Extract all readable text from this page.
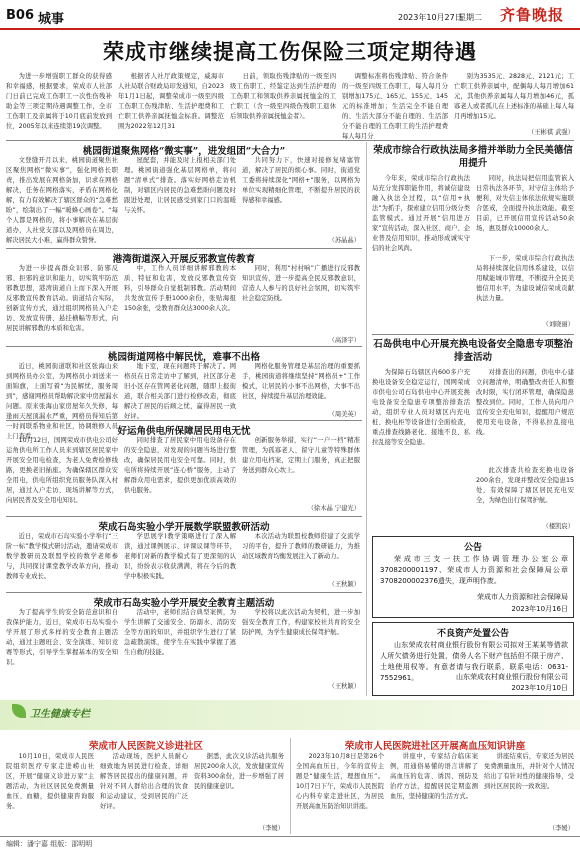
B06 城事	2023年10月27日
星期二 齐鲁晚报
荣成市继续提高工伤保险三项定期待遇

为进一步增强职工群众的获得感和幸福感，根据要求，荣成市人社部门日前已完成工伤职工一次性伤残补助金等三项定期待遇调整工作，全市工伤职工及亲属将于10月底前发放到位，2005年以来连续第19次调整。

根据省人社厅政策规定，威海市人社局联合财政局印发通知，自2023年1月1日起，调整荣成市一级至四级工伤职工伤残津贴、生活护理费和工亡职工供养亲属抚恤金标准。调整范围为2022年12月31

日前，领取伤残津贴的一级至四级工伤职工、经鉴定达到生活护理的工伤职工和领取供养亲属抚恤金的工亡职工（含一级至四级伤残职工退休后领取供养亲属抚恤金者）。

调整标准将伤残津贴、符合条件的一级至四级工伤职工，每人每月分别增加175元、165元、155元、145元的标准增加；生活完全不能自理的、生活大部分不能自理的、生活部分不能自理的工伤职工的生活护理费每人每月分

别为3535元、2828元、2121元；工亡职工供养亲属中，配偶每人每月增加61元，其他供养亲属每人每月增加46元，孤寡老人或者孤儿在上述标准的基础上每人每月再增加15元。

（王彬祺 武强）
桃园街道聚焦网格“微实事”，进发组团“大合力”

文登缝开月以来，桃园街道聚焦社区聚焦网格“微实事”，强化网格长职责，推出发展在网格备加，识求在网格解决，任务在网格落实，矛盾在网格化解，有力有效解决了辖区群众的“急难愁盼”，绘制出了一幅“暖蜂心画卷”。“每个人都是网格的，将小事解决在基层街道办，人社党支部以及网格员在周边，解决居民大小难，赢得群众赞誉。

屋配套，并能及时上报相关部门处理。桃园街道强化基层网格单，将问题“清单式”排查。落实好网格走访机制，对辖区内居民的急难愁盼问题及时跟进处理，让居民感受到家门口的温暖与关怀。

共同努力下，快速对接修复堵塞管道，解决了居民的烦心事。同时，街道党工委将持续深化“网格+”服务，以网格为单位实现精细化管理，不断提升居民的获得感和幸福感。

（苏晶晶）
港湾街道深入开展反邪教宣传教育

为进一步提高群众识邪、防邪反邪、拒邪的意识和能力，切实筑牢防范邪教思想，港湾街道自上而下深入开展反邪教宣传教育活动。街道结合实际，创新宣传方式，通过组织网格员入户走访、发放宣传册、悬挂横幅等形式，向居民讲解邪教的本质和危害。

中，工作人员详细讲解邪教的本质、特征和危害，发放反邪教宣传资料，引导群众自觉抵制邪教。活动期间共发放宣传手册1000余份，张贴海报150余张，受教育群众达3000余人次。

同时，利用“村村响”广播进行反邪教知识宣传，进一步提高全民反邪教意识，营造人人参与的良好社会氛围，切实筑牢社会稳定防线。

（高泽宇）
桃园街道网格中解民忧，难事不出格

近日，桃园街道联和社区张海山来到网格员办公室，为网格员小刘送来一面锦旗，上面写着“为民解忧，服务周到”，感谢网格员帮助解决家中房屋漏水问题。原来张海山家房屋年久失修，每逢雨天屋顶漏水严重，网格员得知后第一时间联系物业和社区，协调维修人员上门查看。

地下室，现在问题终于解决了。网格员在日常走访中了解到，社区部分老旧小区存在管网老化问题，随即上报街道，联合相关部门进行检修改造，彻底解决了居民的后顾之忧，赢得居民一致好评。

网格化服务管理是基层治理的重要抓手，桃园街道将继续坚持“网格员+”工作模式，让居民的小事不出网格，大事不出社区，持续提升基层治理效能。

（周美英）
好运角供电所保障居民用电无忧

10月12日，国网荣成市供电公司好运角供电所工作人员来到辖区居民家中开展安全用电检查，为老人免费检修线路，更换老旧插座。为确保辖区群众安全用电，供电所组织党员服务队深入村居，通过入户走访、现场讲解等方式，向居民普及安全用电知识。

同时排查了居民家中用电设备存在的安全隐患，对发现的问题当场进行整改，确保居民用电安全可靠。同时，供电所将持续开展“连心桥”服务，主动了解群众用电需求，提供更加优质高效的供电服务。

创新服务举措，实行“一户一档”精准管理，为孤寡老人、留守儿童等特殊群体建立用电档案，定期上门服务，真正把服务送到群众心坎上。

（徐木晶 宁建光）
荣成石岛实验小学开展数学联盟教研活动

近日，荣成市石岛实验小学举行“三阶一标”教学模式研讨活动，邀请荣成市数学教研员及联盟学校的数学老师参与，共同探讨课堂教学改革方向，推动教师专业成长。

学思展学)教学策略进行了深入解读，通过课例展示、评课议课等环节，老师们对新的教学模式有了更深刻的认识，纷纷表示收获满满，将在今后的教学中积极实践。

本次活动为联盟校教师搭建了交流学习的平台，提升了教师的教研能力，为推动区域教育均衡发展注入了新动力。

（王秋颖）
荣成市石岛实验小学开展安全教育主题活动

为了提高学生的安全防范意识和自我保护能力，近日，荣成市石岛实验小学开展了形式多样的安全教育主题活动，通过主题班会、安全演练、知识竞赛等形式，引导学生掌握基本的安全知识。

活动中，老师们结合典型案例，为学生讲解了交通安全、防溺水、消防安全等方面的知识，并组织学生进行了紧急疏散演练，使学生在实践中掌握了逃生自救的技能。

学校将以此次活动为契机，进一步加强安全教育工作，构建家校社共育的安全防护网，为学生健康成长保驾护航。

（王秋颖）
荣成市综合行政执法局多措并举助力全民美德信用提升

今年来，荣成市综合行政执法局充分发挥职能作用，将诚信建设融入执法全过程，以“信用+执法”为抓手，探索建立信用分级分类监管模式。通过开展“信用进万家”宣传活动，深入社区、商户、企业普及信用知识，推动形成诚实守信的社会风尚。

同时，执法局把信用监管嵌入日常执法各环节，对守信主体给予便利，对失信主体依法依规实施联合惩戒，全面提升执法效能。截至目前，已开展信用宣传活动50余场，惠及群众10000余人。

下一步，荣成市综合行政执法局将持续深化信用体系建设，以信用赋能城市管理，不断提升全民美德信用水平，为建设诚信荣成贡献执法力量。

（刘晓丽）
石岛供电中心开展充换电设备安全隐患专项整治排查活动

为保障石岛辖区内600多户充换电设备安全稳定运行，国网荣成市供电公司石岛供电中心开展充换电设备安全隐患专项整治排查活动，组织专业人员对辖区内充电桩、换电柜等设备进行全面检查，重点排查线路老化、接地不良、私拉乱接等安全隐患。

对排查出的问题，供电中心建立问题清单，明确整改责任人和整改时限，实行闭环管理，确保隐患整改到位。同时，工作人员向用户宣传安全充电知识，提醒用户规范使用充电设备，不得私拉乱接电线。

此次排查共检查充换电设备200余台，发现并整改安全隐患15处，有效保障了辖区居民充电安全，为绿色出行保驾护航。

（楼凯宸）
公告

荣成市三支一扶工作协调管理办公室公章3708200001197、荣成市人力资源和社会保障局公章3708200002376遗失，现声明作废。

荣成市人力资源和社会保障局
2023年10月16日
不良资产处置公告

山东荣成农村商业银行股份有限公司拟对王某某等借款人所欠债务进行处置，债务人名下财产包括但不限于房产、土地使用权等。有意者请与我行联系，联系电话：0631-7552961。	山东荣成农村商业银行股份有限公司
2023年10月10日
卫生健康专栏
荣成市人民医院义诊进社区

10月10日，荣成市人民医院组织医疗专家走进崂山社区，开展“健康义诊进万家”主题活动，为社区居民免费测量血压、血糖，提供健康咨询服务。

活动现场，医护人员耐心细致地为居民进行检查，详细解答居民提出的健康问题，并针对不同人群给出合理的饮食和运动建议，受到居民的广泛好评。

据悉，此次义诊活动共服务居民200余人次，发放健康宣传资料300余份，进一步增强了居民的健康意识。

（李媛）
荣成市人民医院进社区开展高血压知识讲座

2023年10月8日是第26个全国高血压日，今年的宣传主题是“健康生活，理想血压”。10月7日下午，荣成市人民医院心内科专家走进社区，为居民开展高血压防治知识讲座。

讲座中，专家结合临床案例，用通俗易懂的语言讲解了高血压的危害、诱因、预防及治疗方法，提醒居民定期监测血压，坚持健康的生活方式。

讲座结束后，专家还为居民免费测量血压，并针对个人情况给出了有针对性的健康指导，受到社区居民的一致欢迎。

（李媛）
编辑：潘宁嘉 组版：邵明明
